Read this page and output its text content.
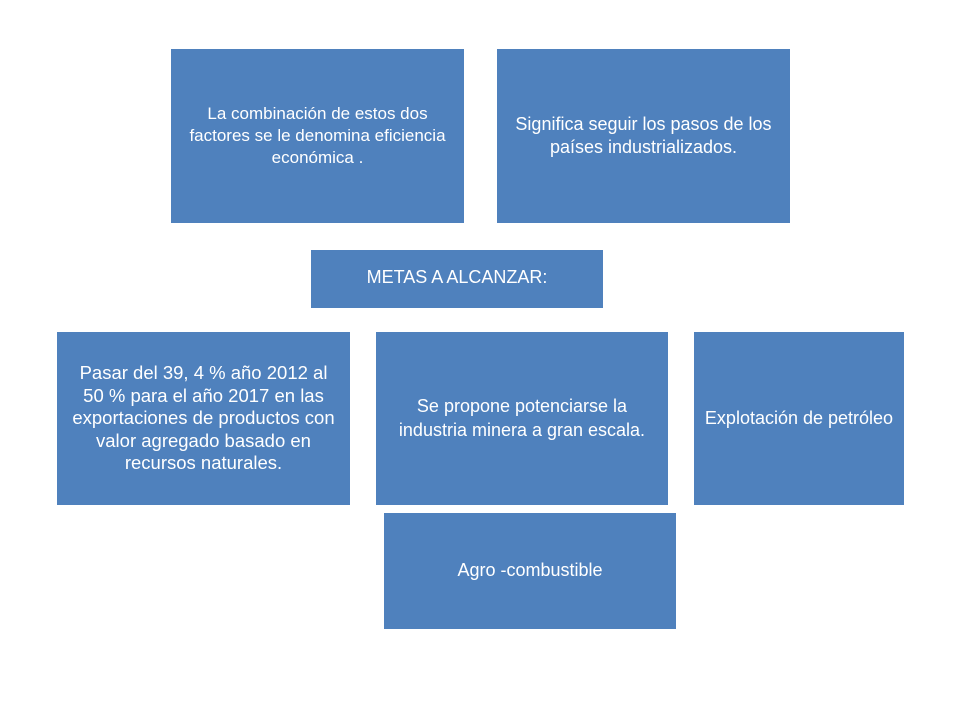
La combinación de estos dos factores se le denomina eficiencia económica .
Significa seguir los pasos de los países industrializados.
METAS A ALCANZAR:
Pasar del 39, 4 % año 2012 al 50 % para el año 2017 en las exportaciones de productos con valor agregado basado en recursos naturales.
Se propone potenciarse la industria minera a gran escala.
Explotación de petróleo
Agro -combustible
